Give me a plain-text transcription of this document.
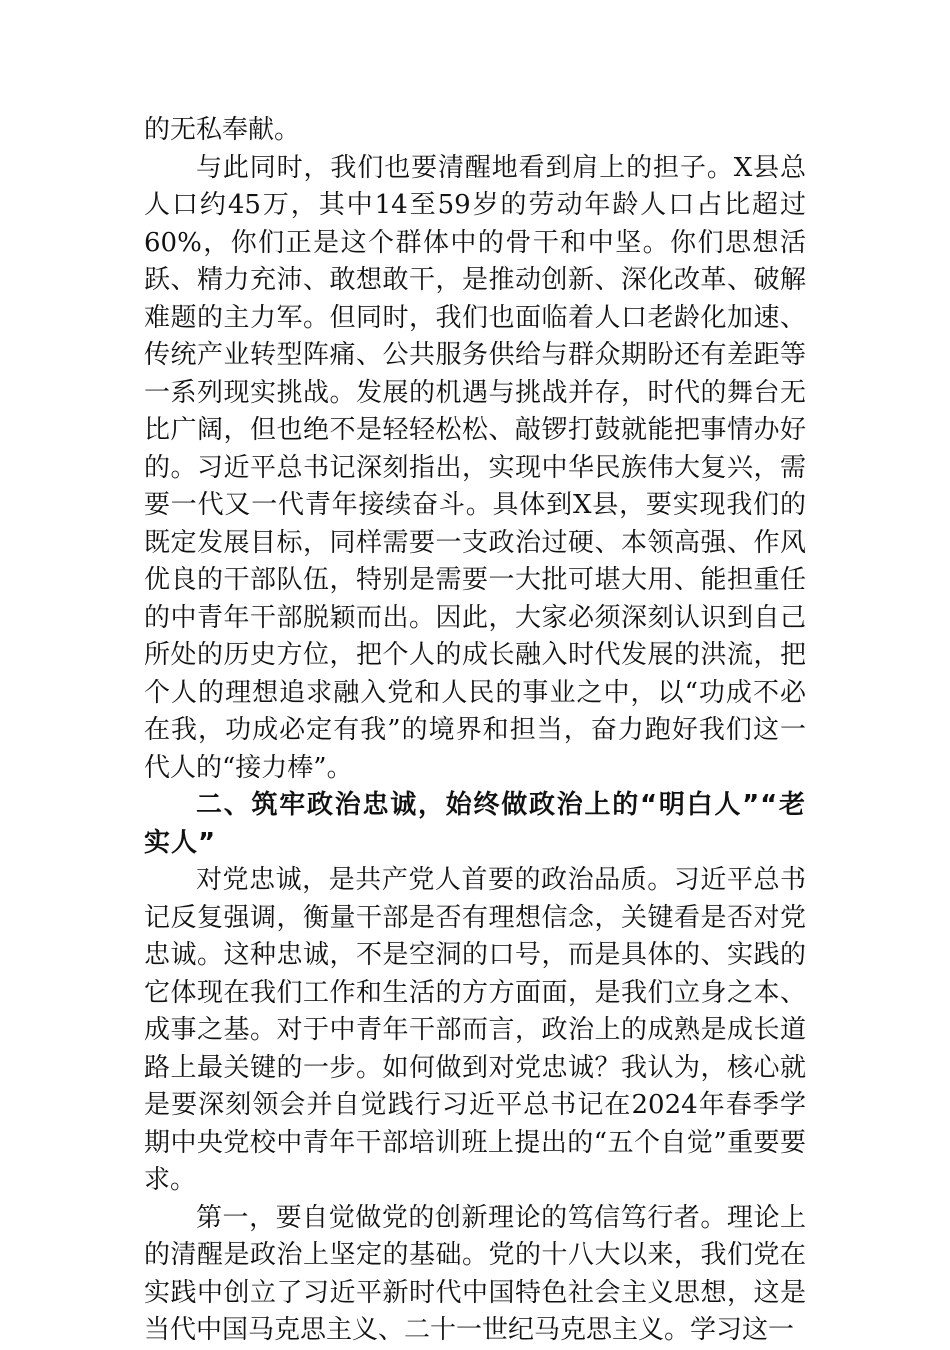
的无私奉献。

与此同时，我们也要清醒地看到肩上的担子。X县总人口约45万，其中14至59岁的劳动年龄人口占比超过60%，你们正是这个群体中的骨干和中坚。你们思想活跃、精力充沛、敢想敢干，是推动创新、深化改革、破解难题的主力军。但同时，我们也面临着人口老龄化加速、传统产业转型阵痛、公共服务供给与群众期盼还有差距等一系列现实挑战。发展的机遇与挑战并存，时代的舞台无比广阔，但也绝不是轻轻松松、敲锣打鼓就能把事情办好的。习近平总书记深刻指出，实现中华民族伟大复兴，需要一代又一代青年接续奋斗。具体到X县，要实现我们的既定发展目标，同样需要一支政治过硬、本领高强、作风优良的干部队伍，特别是需要一大批可堪大用、能担重任的中青年干部脱颖而出。因此，大家必须深刻认识到自己所处的历史方位，把个人的成长融入时代发展的洪流，把个人的理想追求融入党和人民的事业之中，以“功成不必在我，功成必定有我”的境界和担当，奋力跑好我们这一代人的“接力棒”。

二、筑牢政治忠诚，始终做政治上的“明白人”“老实人”

对党忠诚，是共产党人首要的政治品质。习近平总书记反复强调，衡量干部是否有理想信念，关键看是否对党忠诚。这种忠诚，不是空洞的口号，而是具体的、实践的它体现在我们工作和生活的方方面面，是我们立身之本、成事之基。对于中青年干部而言，政治上的成熟是成长道路上最关键的一步。如何做到对党忠诚？我认为，核心就是要深刻领会并自觉践行习近平总书记在2024年春季学期中央党校中青年干部培训班上提出的“五个自觉”重要要求。

第一，要自觉做党的创新理论的笃信笃行者。理论上的清醒是政治上坚定的基础。党的十八大以来，我们党在实践中创立了习近平新时代中国特色社会主义思想，这是当代中国马克思主义、二十一世纪马克思主义。学习这一
